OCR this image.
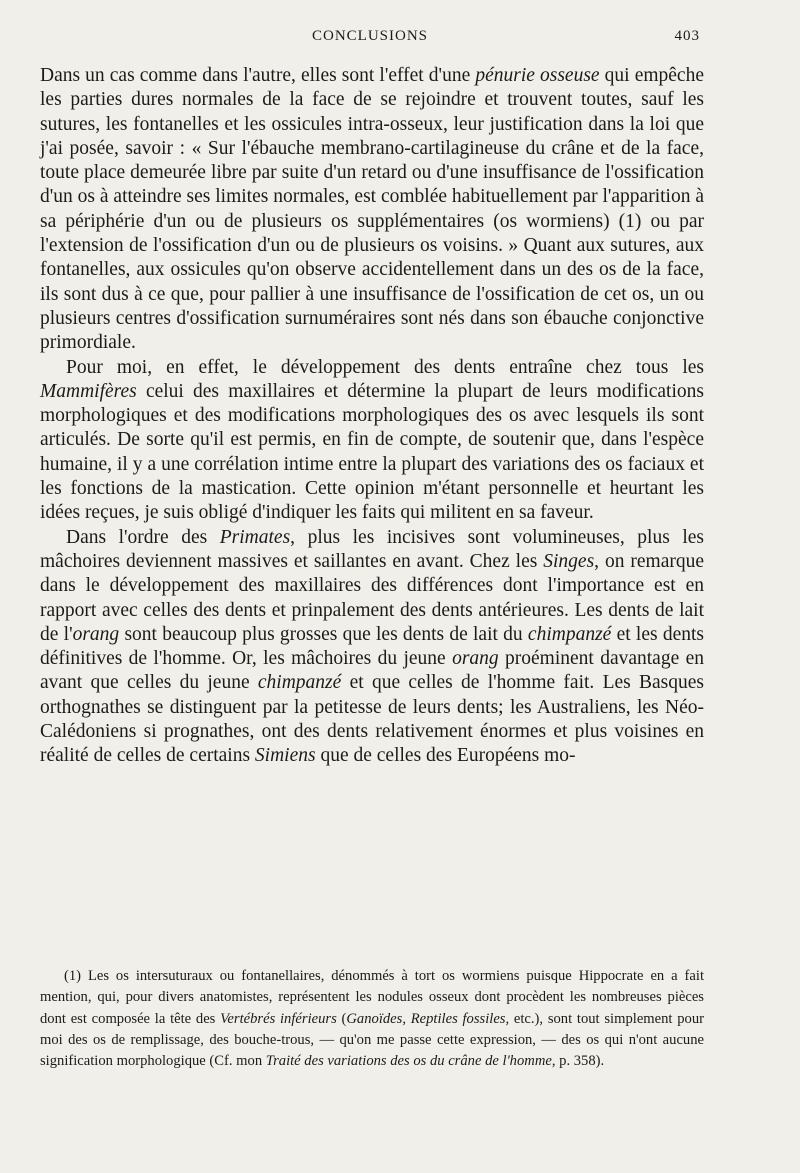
CONCLUSIONS	403

Dans un cas comme dans l'autre, elles sont l'effet d'une pénurie osseuse qui empêche les parties dures normales de la face de se rejoindre et trouvent toutes, sauf les sutures, les fontanelles et les ossicules intra-osseux, leur justification dans la loi que j'ai posée, savoir : « Sur l'ébauche membrano-cartilagineuse du crâne et de la face, toute place demeurée libre par suite d'un retard ou d'une insuffisance de l'ossification d'un os à atteindre ses limites normales, est comblée habituellement par l'apparition à sa périphérie d'un ou de plusieurs os supplémentaires (os wormiens) (1) ou par l'extension de l'ossification d'un ou de plusieurs os voisins. » Quant aux sutures, aux fontanelles, aux ossicules qu'on observe accidentellement dans un des os de la face, ils sont dus à ce que, pour pallier à une insuffisance de l'ossification de cet os, un ou plusieurs centres d'ossification surnuméraires sont nés dans son ébauche conjonctive primordiale.

Pour moi, en effet, le développement des dents entraîne chez tous les Mammifères celui des maxillaires et détermine la plupart de leurs modifications morphologiques et des modifications morphologiques des os avec lesquels ils sont articulés. De sorte qu'il est permis, en fin de compte, de soutenir que, dans l'espèce humaine, il y a une corrélation intime entre la plupart des variations des os faciaux et les fonctions de la mastication. Cette opinion m'étant personnelle et heurtant les idées reçues, je suis obligé d'indiquer les faits qui militent en sa faveur.

Dans l'ordre des Primates, plus les incisives sont volumineuses, plus les mâchoires deviennent massives et saillantes en avant. Chez les Singes, on remarque dans le développement des maxillaires des différences dont l'importance est en rapport avec celles des dents et prinpalement des dents antérieures. Les dents de lait de l'orang sont beaucoup plus grosses que les dents de lait du chimpanzé et les dents définitives de l'homme. Or, les mâchoires du jeune orang proéminent davantage en avant que celles du jeune chimpanzé et que celles de l'homme fait. Les Basques orthognathes se distinguent par la petitesse de leurs dents; les Australiens, les Néo-Calédoniens si prognathes, ont des dents relativement énormes et plus voisines en réalité de celles de certains Simiens que de celles des Européens mo-

(1) Les os intersuturaux ou fontanellaires, dénommés à tort os wormiens puisque Hippocrate en a fait mention, qui, pour divers anatomistes, représentent les nodules osseux dont procèdent les nombreuses pièces dont est composée la tête des Vertébrés inférieurs (Ganoïdes, Reptiles fossiles, etc.), sont tout simplement pour moi des os de remplissage, des bouche-trous, — qu'on me passe cette expression, — des os qui n'ont aucune signification morphologique (Cf. mon Traité des variations des os du crâne de l'homme, p. 358).
